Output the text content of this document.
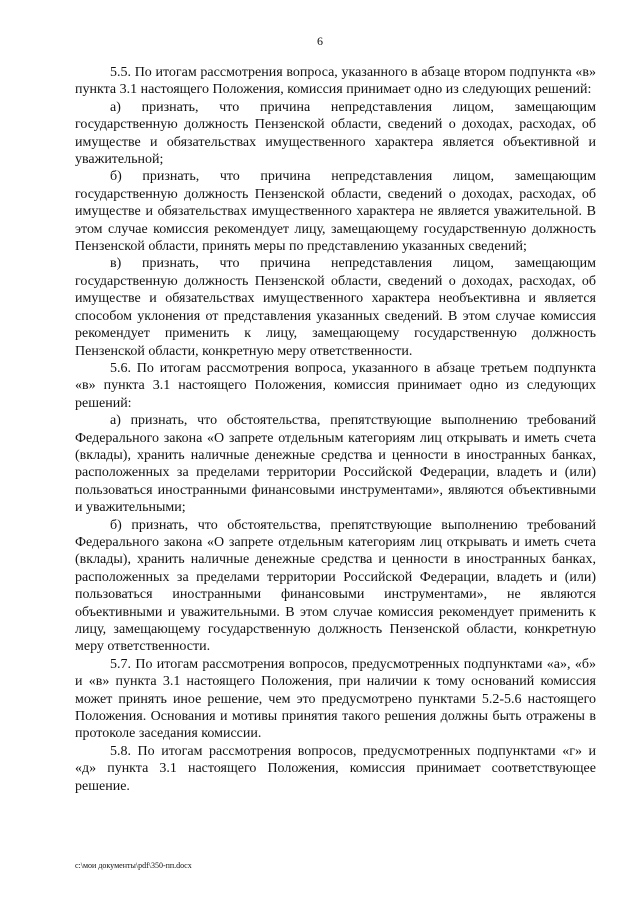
6

5.5. По итогам рассмотрения вопроса, указанного в абзаце втором подпункта «в» пункта 3.1 настоящего Положения, комиссия принимает одно из следующих решений:

а) признать, что причина непредставления лицом, замещающим государственную должность Пензенской области, сведений о доходах, расходах, об имуществе и обязательствах имущественного характера является объективной и уважительной;

б) признать, что причина непредставления лицом, замещающим государственную должность Пензенской области, сведений о доходах, расходах, об имуществе и обязательствах имущественного характера не является уважительной. В этом случае комиссия рекомендует лицу, замещающему государственную должность Пензенской области, принять меры по представлению указанных сведений;

в) признать, что причина непредставления лицом, замещающим государственную должность Пензенской области, сведений о доходах, расходах, об имуществе и обязательствах имущественного характера необъективна и является способом уклонения от представления указанных сведений. В этом случае комиссия рекомендует применить к лицу, замещающему государственную должность Пензенской области, конкретную меру ответственности.

5.6. По итогам рассмотрения вопроса, указанного в абзаце третьем подпункта «в» пункта 3.1 настоящего Положения, комиссия принимает одно из следующих решений:

а) признать, что обстоятельства, препятствующие выполнению требований Федерального закона «О запрете отдельным категориям лиц открывать и иметь счета (вклады), хранить наличные денежные средства и ценности в иностранных банках, расположенных за пределами территории Российской Федерации, владеть и (или) пользоваться иностранными финансовыми инструментами», являются объективными и уважительными;

б) признать, что обстоятельства, препятствующие выполнению требований Федерального закона «О запрете отдельным категориям лиц открывать и иметь счета (вклады), хранить наличные денежные средства и ценности в иностранных банках, расположенных за пределами территории Российской Федерации, владеть и (или) пользоваться иностранными финансовыми инструментами», не являются объективными и уважительными. В этом случае комиссия рекомендует применить к лицу, замещающему государственную должность Пензенской области, конкретную меру ответственности.

5.7. По итогам рассмотрения вопросов, предусмотренных подпунктами «а», «б» и «в» пункта 3.1 настоящего Положения, при наличии к тому оснований комиссия может принять иное решение, чем это предусмотрено пунктами 5.2-5.6 настоящего Положения. Основания и мотивы принятия такого решения должны быть отражены в протоколе заседания комиссии.

5.8. По итогам рассмотрения вопросов, предусмотренных подпунктами «г» и «д» пункта 3.1 настоящего Положения, комиссия принимает соответствующее решение.

c:\мои документы\pdf\350-пп.docx
